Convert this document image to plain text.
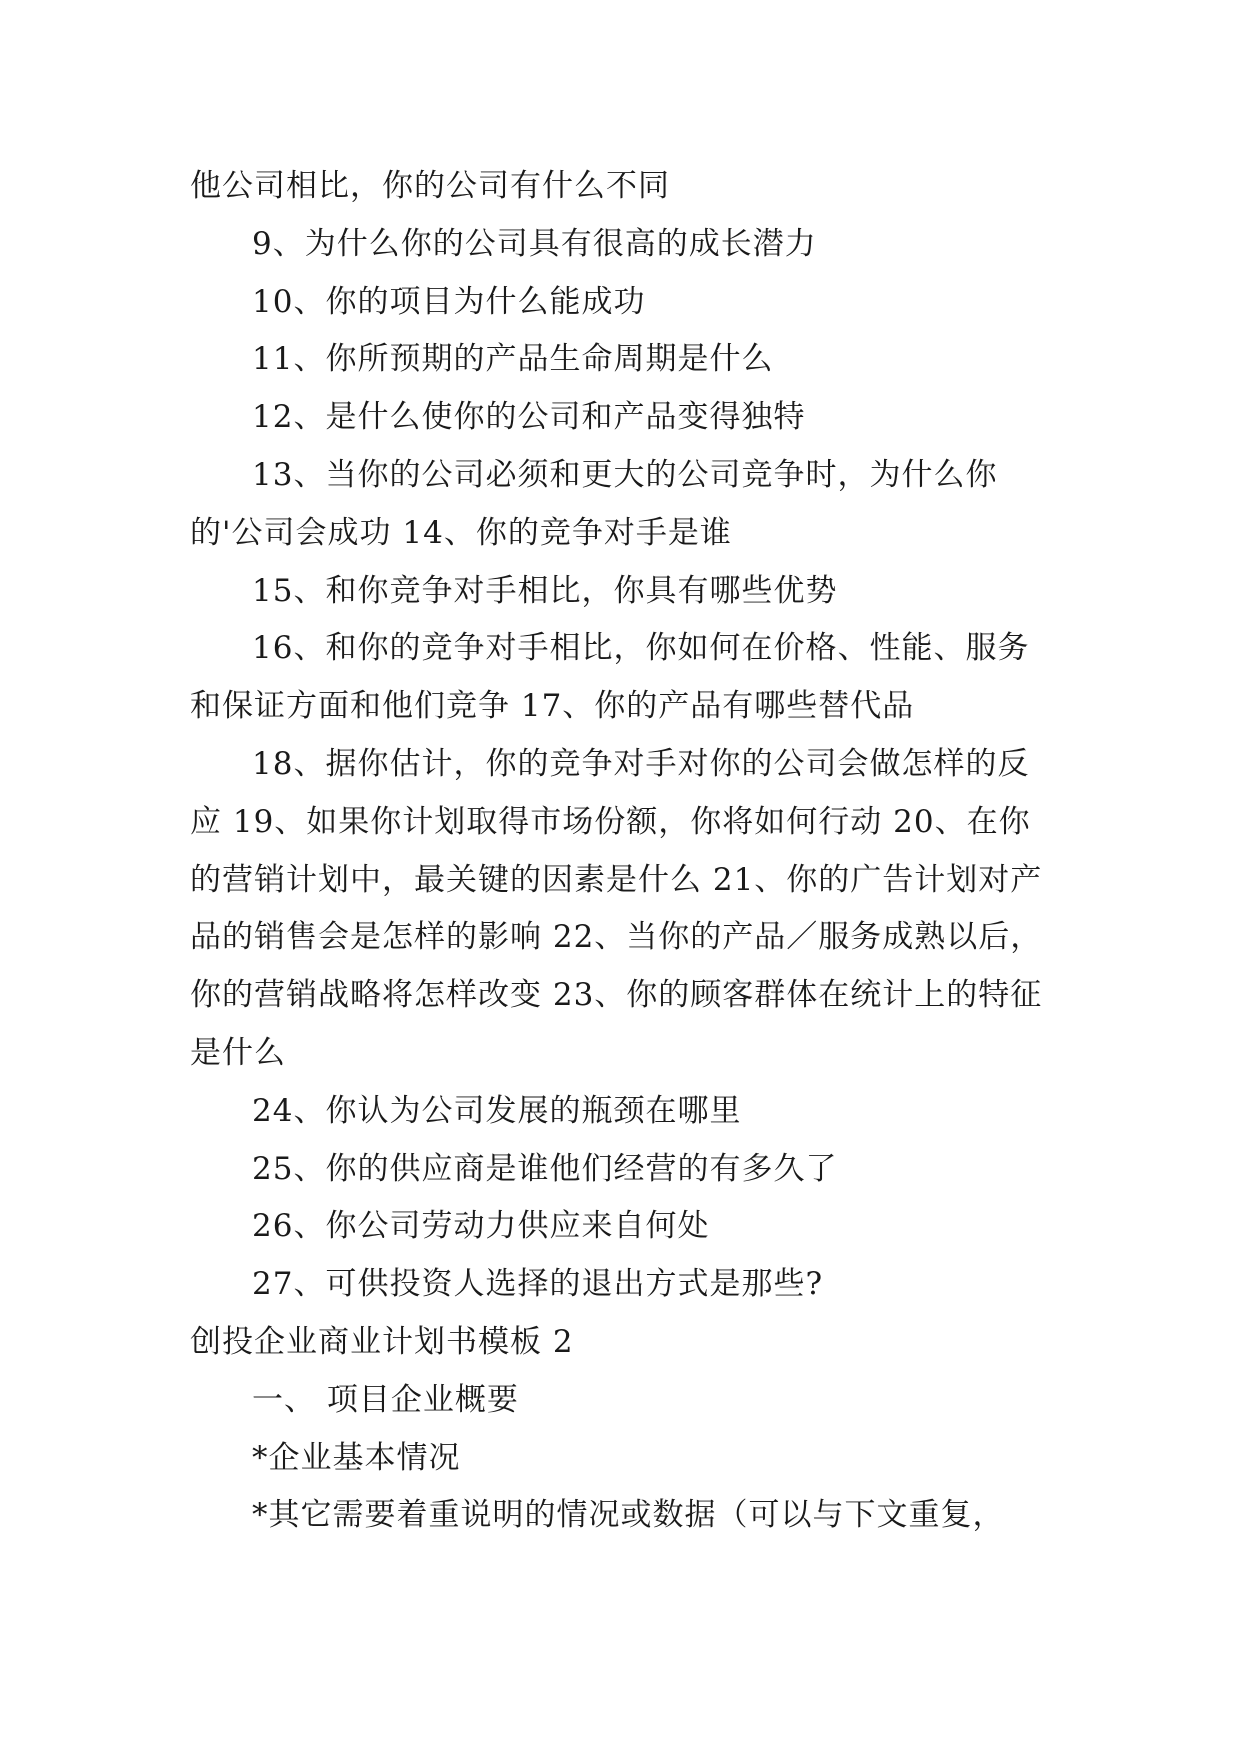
他公司相比，你的公司有什么不同

9、为什么你的公司具有很高的成长潜力

10、你的项目为什么能成功

11、你所预期的产品生命周期是什么

12、是什么使你的公司和产品变得独特

13、当你的公司必须和更大的公司竞争时，为什么你的'公司会成功 14、你的竞争对手是谁

15、和你竞争对手相比，你具有哪些优势

16、和你的竞争对手相比，你如何在价格、性能、服务和保证方面和他们竞争 17、你的产品有哪些替代品

18、据你估计，你的竞争对手对你的公司会做怎样的反应 19、如果你计划取得市场份额，你将如何行动 20、在你的营销计划中，最关键的因素是什么 21、你的广告计划对产品的销售会是怎样的影响 22、当你的产品／服务成熟以后，你的营销战略将怎样改变 23、你的顾客群体在统计上的特征是什么

24、你认为公司发展的瓶颈在哪里

25、你的供应商是谁他们经营的有多久了

26、你公司劳动力供应来自何处

27、可供投资人选择的退出方式是那些?

创投企业商业计划书模板 2

一、 项目企业概要

*企业基本情况

*其它需要着重说明的情况或数据（可以与下文重复，
